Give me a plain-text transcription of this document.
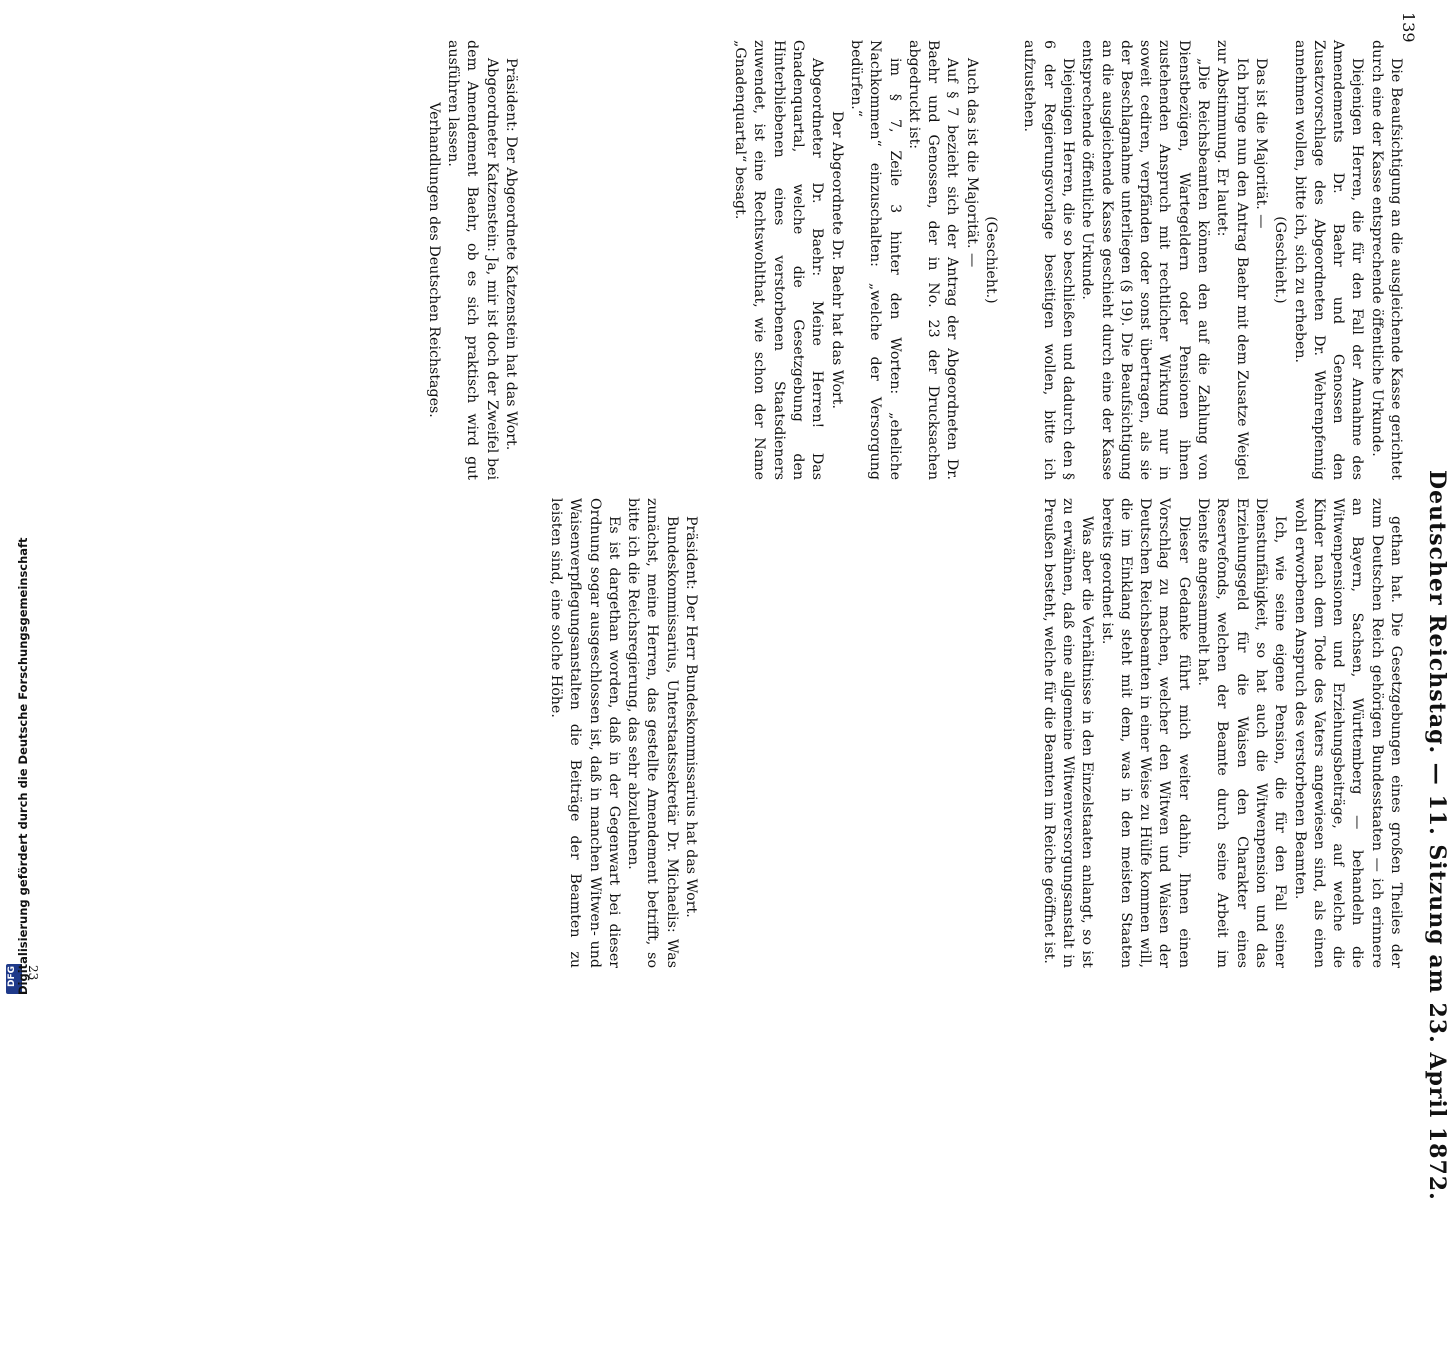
DFG Digitalisierung gefördert durch die Deutsche Forschungsgemeinschaft
139
Deutscher Reichstag. — 11. Sitzung am 23. April 1872.
23

gethan hat. Die Gesetzgebungen eines großen Theiles der zum Deutschen Reich gehörigen Bundesstaaten — ich erinnere an Bayern, Sachsen, Württemberg — behandeln die Witwenpensionen und Erziehungsbeiträge, auf welche die Kinder nach dem Tode des Vaters angewiesen sind, als einen wohl erworbenen Anspruch des verstorbenen Beamten.

Ich, wie seine eigene Pension, die für den Fall seiner Dienstunfähigkeit, so hat auch die Witwenpension und das Erziehungsgeld für die Waisen den Charakter eines Reservefonds, welchen der Beamte durch seine Arbeit im Dienste angesammelt hat.

Dieser Gedanke führt mich weiter dahin, Ihnen einen Vorschlag zu machen, welcher den Witwen und Waisen der Deutschen Reichsbeamten in einer Weise zu Hülfe kommen will, die im Einklang steht mit dem, was in den meisten Staaten bereits geordnet ist.

Was aber die Verhältnisse in den Einzelstaaten anlangt, so ist zu erwähnen, daß eine allgemeine Witwenversorgungsanstalt in Preußen besteht, welche für die Beamten im Reiche geöffnet ist.

Präsident: Der Herr Bundeskommissarius hat das Wort.

Bundeskommissarius, Unterstaatssekretär Dr. Michaelis: Was zunächst, meine Herren, das gestellte Amendement betrifft, so bitte ich die Reichsregierung, das sehr abzulehnen.

Es ist dargethan worden, daß in der Gegenwart bei dieser Ordnung sogar ausgeschlossen ist, daß in manchen Witwen- und Waisenverpflegungsanstalten die Beiträge der Beamten zu leisten sind, eine solche Höhe.

Die Beaufsichtigung an die ausgleichende Kasse gerichtet durch eine der Kasse entsprechende öffentliche Urkunde.

Diejenigen Herren, die für den Fall der Annahme des Amendements Dr. Baehr und Genossen den Zusatzvorschlage des Abgeordneten Dr. Wehrenpfennig annehmen wollen, bitte ich, sich zu erheben.

(Geschieht.)

Das ist die Majorität. —

Ich bringe nun den Antrag Baehr mit dem Zusatze Weigel zur Abstimmung. Er lautet:

„Die Reichsbeamten können den auf die Zahlung von Dienstbezügen, Wartegeldern oder Pensionen ihnen zustehenden Anspruch mit rechtlicher Wirkung nur in soweit cediren, verpfänden oder sonst übertragen, als sie der Beschlagnahme unterliegen (§ 19). Die Beaufsichtigung an die ausgleichende Kasse geschieht durch eine der Kasse entsprechende öffentliche Urkunde.

Diejenigen Herren, die so beschließen und dadurch den § 6 der Regierungsvorlage beseitigen wollen, bitte ich aufzustehen.

(Geschieht.)

Auch das ist die Majorität. —

Auf § 7 bezieht sich der Antrag der Abgeordneten Dr. Baehr und Genossen, der in No. 23 der Drucksachen abgedruckt ist:

im § 7, Zeile 3 hinter den Worten: „eheliche Nachkommen“ einzuschalten: „welche der Versorgung bedürfen.“

Der Abgeordnete Dr. Baehr hat das Wort.

Abgeordneter Dr. Baehr: Meine Herren! Das Gnadenquartal, welche die Gesetzgebung den Hinterbliebenen eines verstorbenen Staatsdieners zuwendet, ist eine Rechtswohlthat, wie schon der Name „Gnadenquartal“ besagt.

Präsident: Der Abgeordnete Katzenstein hat das Wort.

Abgeordneter Katzenstein: Ja, mir ist doch der Zweifel bei dem Amendement Baehr, ob es sich praktisch wird gut ausführen lassen.

Verhandlungen des Deutschen Reichstages.
